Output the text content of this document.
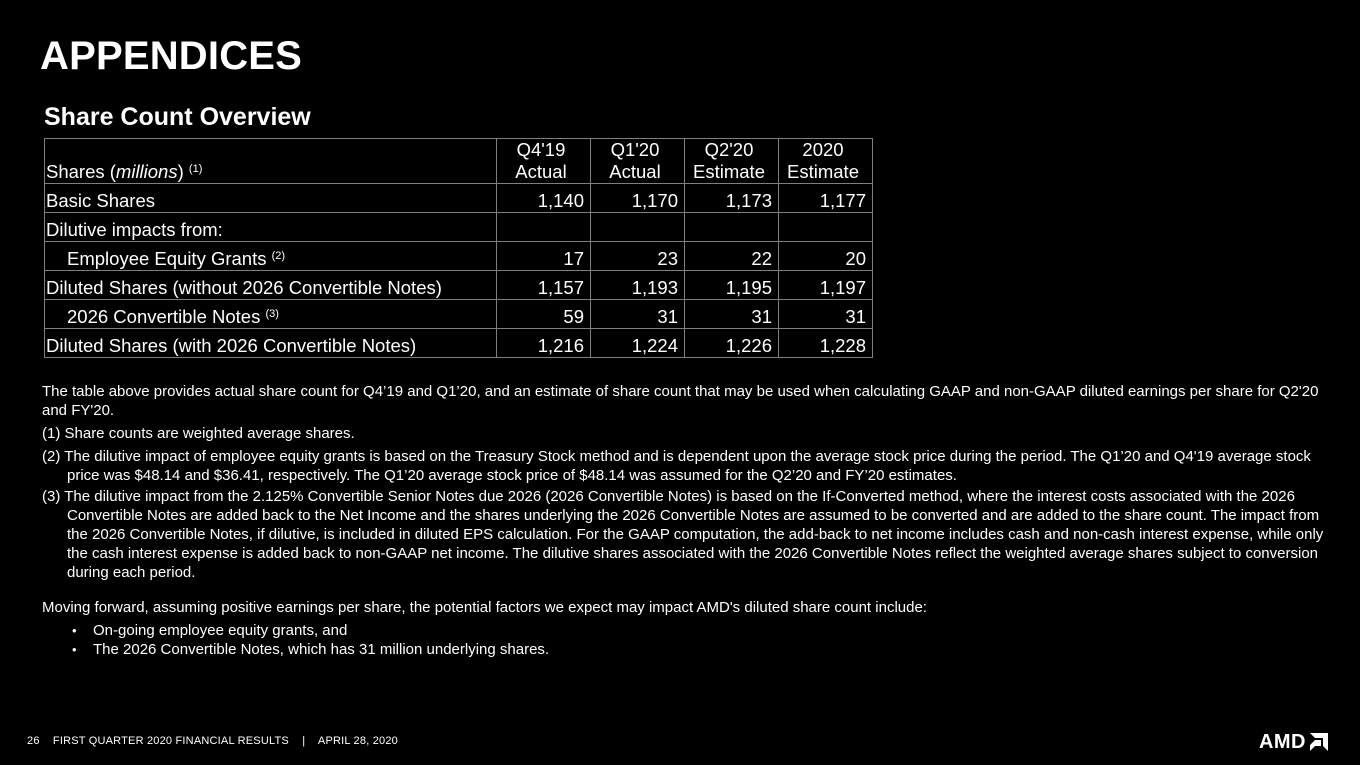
APPENDICES
Share Count Overview
Shares (millions) $^{(1)}$	Q4'19	Q1'20	Q2'20	2020
	Actual	Actual	Estimate	Estimate
Basic Shares	1,140	1,170	1,173	1,177
Dilutive impacts from:				
Employee Equity Grants $^{(2)}$	17	23	22	20
Diluted Shares (without 2026 Convertible Notes)	1,157	1,193	1,195	1,197
2026 Convertible Notes $^{(3)}$	59	31	31	31
Diluted Shares (with 2026 Convertible Notes)	1,216	1,224	1,226	1,228

The table above provides actual share count for Q4’19 and Q1’20, and an estimate of share count that may be used when calculating GAAP and non-GAAP diluted earnings per share for Q2'20 and FY'20.

(1) Share counts are weighted average shares.

(2) The dilutive impact of employee equity grants is based on the Treasury Stock method and is dependent upon the average stock price during the period. The Q1’20 and Q4'19 average stock price was $48.14 and $36.41, respectively. The Q1’20 average stock price of $48.14 was assumed for the Q2’20 and FY’20 estimates.

(3) The dilutive impact from the 2.125% Convertible Senior Notes due 2026 (2026 Convertible Notes) is based on the If-Converted method, where the interest costs associated with the 2026 Convertible Notes are added back to the Net Income and the shares underlying the 2026 Convertible Notes are assumed to be converted and are added to the share count. The impact from the 2026 Convertible Notes, if dilutive, is included in diluted EPS calculation. For the GAAP computation, the add-back to net income includes cash and non-cash interest expense, while only the cash interest expense is added back to non-GAAP net income. The dilutive shares associated with the 2026 Convertible Notes reflect the weighted average shares subject to conversion during each period.

Moving forward, assuming positive earnings per share, the potential factors we expect may impact AMD's diluted share count include:

• On-going employee equity grants, and
• The 2026 Convertible Notes, which has 31 million underlying shares.
26 FIRST QUARTER 2020 FINANCIAL RESULTS | APRIL 28, 2020	AMD
